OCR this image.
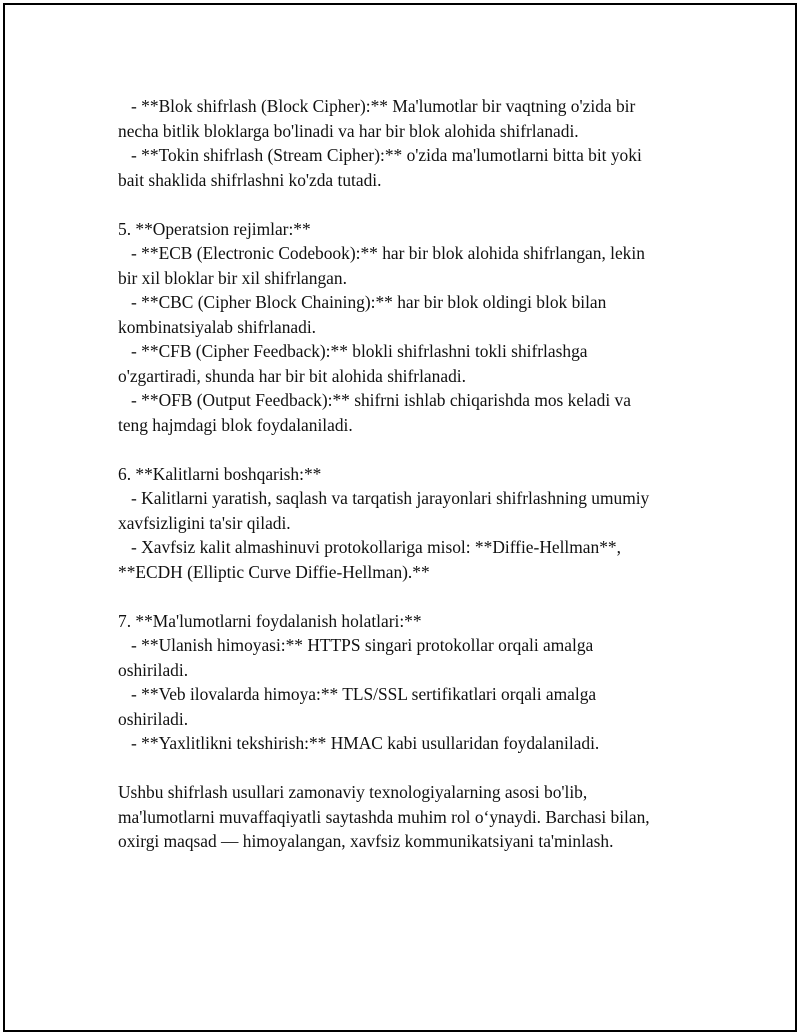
- **Blok shifrlash (Block Cipher):** Ma'lumotlar bir vaqtning o'zida bir
necha bitlik bloklarga bo'linadi va har bir blok alohida shifrlanadi.
- **Tokin shifrlash (Stream Cipher):** o'zida ma'lumotlarni bitta bit yoki
bait shaklida shifrlashni ko'zda tutadi.
5. **Operatsion rejimlar:**
- **ECB (Electronic Codebook):** har bir blok alohida shifrlangan, lekin
bir xil bloklar bir xil shifrlangan.
- **CBC (Cipher Block Chaining):** har bir blok oldingi blok bilan
kombinatsiyalab shifrlanadi.
- **CFB (Cipher Feedback):** blokli shifrlashni tokli shifrlashga
o'zgartiradi, shunda har bir bit alohida shifrlanadi.
- **OFB (Output Feedback):** shifrni ishlab chiqarishda mos keladi va
teng hajmdagi blok foydalaniladi.
6. **Kalitlarni boshqarish:**
- Kalitlarni yaratish, saqlash va tarqatish jarayonlari shifrlashning umumiy
xavfsizligini ta'sir qiladi.
- Xavfsiz kalit almashinuvi protokollariga misol: **Diffie-Hellman**,
**ECDH (Elliptic Curve Diffie-Hellman).**
7. **Ma'lumotlarni foydalanish holatlari:**
- **Ulanish himoyasi:** HTTPS singari protokollar orqali amalga
oshiriladi.
- **Veb ilovalarda himoya:** TLS/SSL sertifikatlari orqali amalga
oshiriladi.
- **Yaxlitlikni tekshirish:** HMAC kabi usullaridan foydalaniladi.
Ushbu shifrlash usullari zamonaviy texnologiyalarning asosi bo'lib,
ma'lumotlarni muvaffaqiyatli saytashda muhim rol o‘ynaydi. Barchasi bilan,
oxirgi maqsad — himoyalangan, xavfsiz kommunikatsiyani ta'minlash.
